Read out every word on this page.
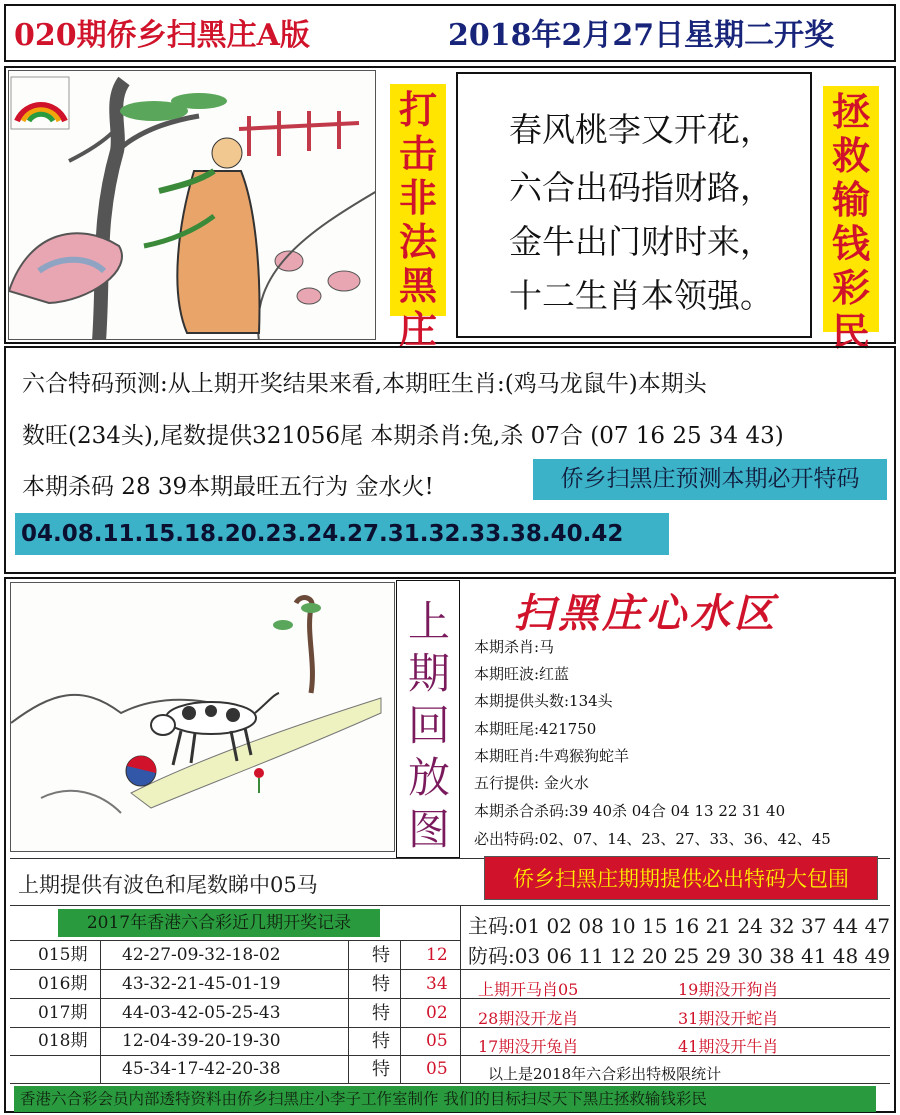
020期侨乡扫黑庄A版	2018年2月27日星期二开奖
打击非法黑庄
春风桃李又开花，
六合出码指财路，
金牛出门财时来，
十二生肖本领强。
拯救输钱彩民
六合特码预测:从上期开奖结果来看,本期旺生肖:(鸡马龙鼠牛)本期头
数旺(234头),尾数提供321056尾 本期杀肖:兔,杀 07合 (07 16 25 34 43)
本期杀码 28 39本期最旺五行为 金水火!	侨乡扫黑庄预测本期必开特码
04.08.11.15.18.20.23.24.27.31.32.33.38.40.42
上期回放图
扫黑庄心水区
本期杀肖:马
本期旺波:红蓝
本期提供头数:134头
本期旺尾:421750
本期旺肖:牛鸡猴狗蛇羊
五行提供: 金火水
本期杀合杀码:39 40杀 04合 04 13 22 31 40
必出特码:02、07、14、23、27、33、36、42、45
上期提供有波色和尾数睇中05马	侨乡扫黑庄期期提供必出特码大包围
2017年香港六合彩近几期开奖记录	主码:01 02 08 10 15 16 21 24 32 37 44 47
防码:03 06 11 12 20 25 29 30 38 41 48 49
015期 42-27-09-32-18-02	特 12
016期 43-32-21-45-01-19	特 34
017期 44-03-42-05-25-43	特 02
018期 12-04-39-20-19-30	特 05
45-34-17-42-20-38	特 05
上期开马肖05	19期没开狗肖
28期没开龙肖	31期没开蛇肖
17期没开兔肖	41期没开牛肖
以上是2018年六合彩出特极限统计
香港六合彩会员内部透特资料由侨乡扫黑庄小李子工作室制作 我们的目标扫尽天下黑庄拯救输钱彩民
